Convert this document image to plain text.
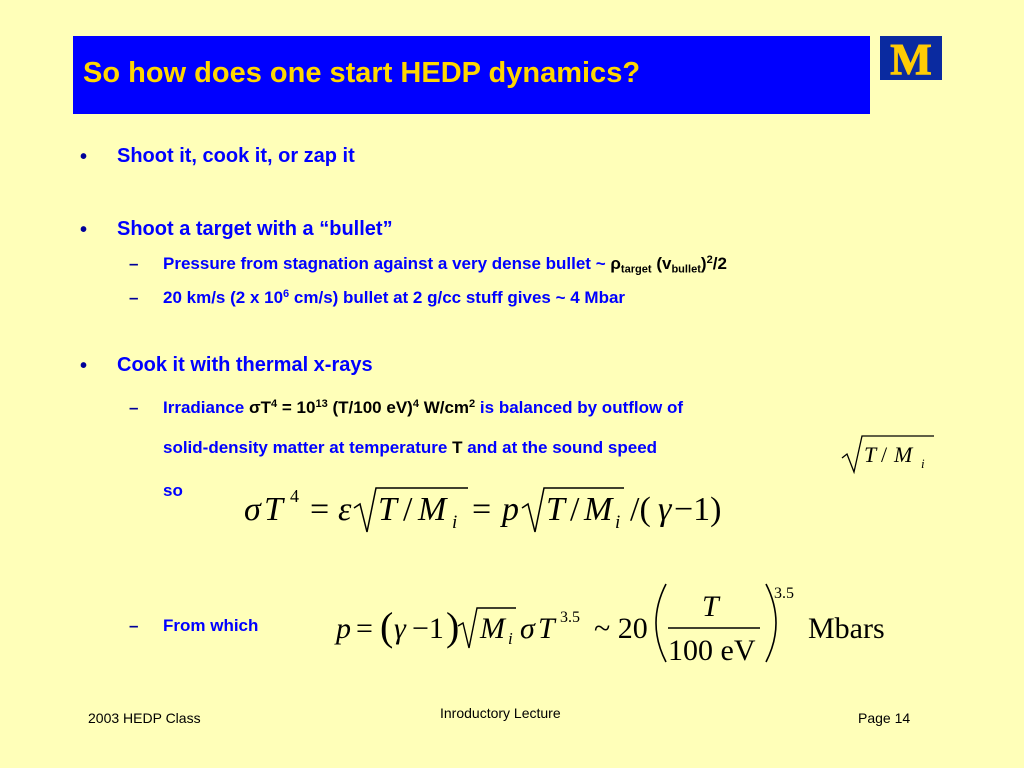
So how does one start HEDP dynamics?	M
• Shoot it, cook it, or zap it
• Shoot a target with a “bullet”
– Pressure from stagnation against a very dense bullet ~ $\rho_{target}$ $(v_{bullet})^2/2$
– 20 km/s (2 x $10^6$ cm/s) bullet at 2 g/cc stuff gives ~ 4 Mbar
• Cook it with thermal x-rays
– Irradiance $\sigma T^4 = 10^{13}$ (T/100 eV)$^4$ $W/cm^2$ is balanced by outflow of
solid-density matter at temperature T and at the sound speed
so
T / M i
σ T 4 = ε T / M i = p T / M i /( γ −1)
– From which	p = ( γ −1 ) M i σ T 3.5 ~ 20
T
100 eV
3.5
Mbars
2003 HEDP Class	Inroductory Lecture	Page 14
